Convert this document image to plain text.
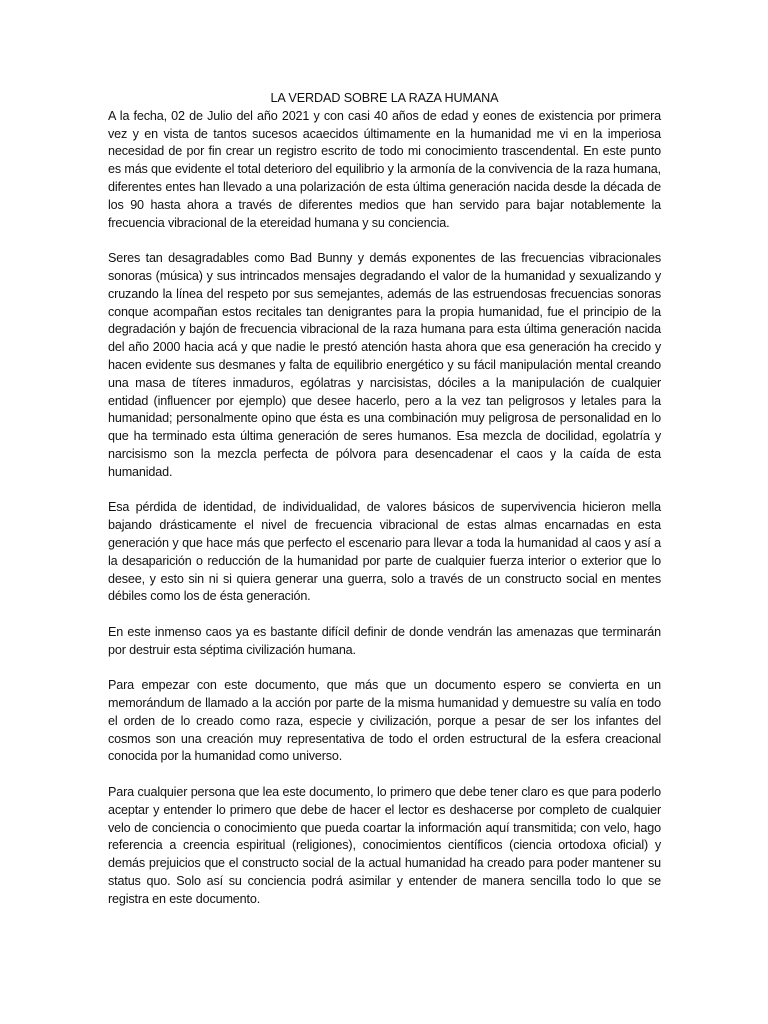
LA VERDAD SOBRE LA RAZA HUMANA

A la fecha, 02 de Julio del año 2021 y con casi 40 años de edad y eones de existencia por primera vez y en vista de tantos sucesos acaecidos últimamente en la humanidad me vi en la imperiosa necesidad de por fin crear un registro escrito de todo mi conocimiento trascendental. En este punto es más que evidente el total deterioro del equilibrio y la armonía de la convivencia de la raza humana, diferentes entes han llevado a una polarización de esta última generación nacida desde la década de los 90 hasta ahora a través de diferentes medios que han servido para bajar notablemente la frecuencia vibracional de la etereidad humana y su conciencia.

Seres tan desagradables como Bad Bunny y demás exponentes de las frecuencias vibracionales sonoras (música) y sus intrincados mensajes degradando el valor de la humanidad y sexualizando y cruzando la línea del respeto por sus semejantes, además de las estruendosas frecuencias sonoras conque acompañan estos recitales tan denigrantes para la propia humanidad, fue el principio de la degradación y bajón de frecuencia vibracional de la raza humana para esta última generación nacida del año 2000 hacia acá y que nadie le prestó atención hasta ahora que esa generación ha crecido y hacen evidente sus desmanes y falta de equilibrio energético y su fácil manipulación mental creando una masa de títeres inmaduros, ególatras y narcisistas, dóciles a la manipulación de cualquier entidad (influencer por ejemplo) que desee hacerlo, pero a la vez tan peligrosos y letales para la humanidad; personalmente opino que ésta es una combinación muy peligrosa de personalidad en lo que ha terminado esta última generación de seres humanos. Esa mezcla de docilidad, egolatría y narcisismo son la mezcla perfecta de pólvora para desencadenar el caos y la caída de esta humanidad.

Esa pérdida de identidad, de individualidad, de valores básicos de supervivencia hicieron mella bajando drásticamente el nivel de frecuencia vibracional de estas almas encarnadas en esta generación y que hace más que perfecto el escenario para llevar a toda la humanidad al caos y así a la desaparición o reducción de la humanidad por parte de cualquier fuerza interior o exterior que lo desee, y esto sin ni si quiera generar una guerra, solo a través de un constructo social en mentes débiles como los de ésta generación.

En este inmenso caos ya es bastante difícil definir de donde vendrán las amenazas que terminarán por destruir esta séptima civilización humana.

Para empezar con este documento, que más que un documento espero se convierta en un memorándum de llamado a la acción por parte de la misma humanidad y demuestre su valía en todo el orden de lo creado como raza, especie y civilización, porque a pesar de ser los infantes del cosmos son una creación muy representativa de todo el orden estructural de la esfera creacional conocida por la humanidad como universo.

Para cualquier persona que lea este documento, lo primero que debe tener claro es que para poderlo aceptar y entender lo primero que debe de hacer el lector es deshacerse por completo de cualquier velo de conciencia o conocimiento que pueda coartar la información aquí transmitida; con velo, hago referencia a creencia espiritual (religiones), conocimientos científicos (ciencia ortodoxa oficial) y demás prejuicios que el constructo social de la actual humanidad ha creado para poder mantener su status quo. Solo así su conciencia podrá asimilar y entender de manera sencilla todo lo que se registra en este documento.
